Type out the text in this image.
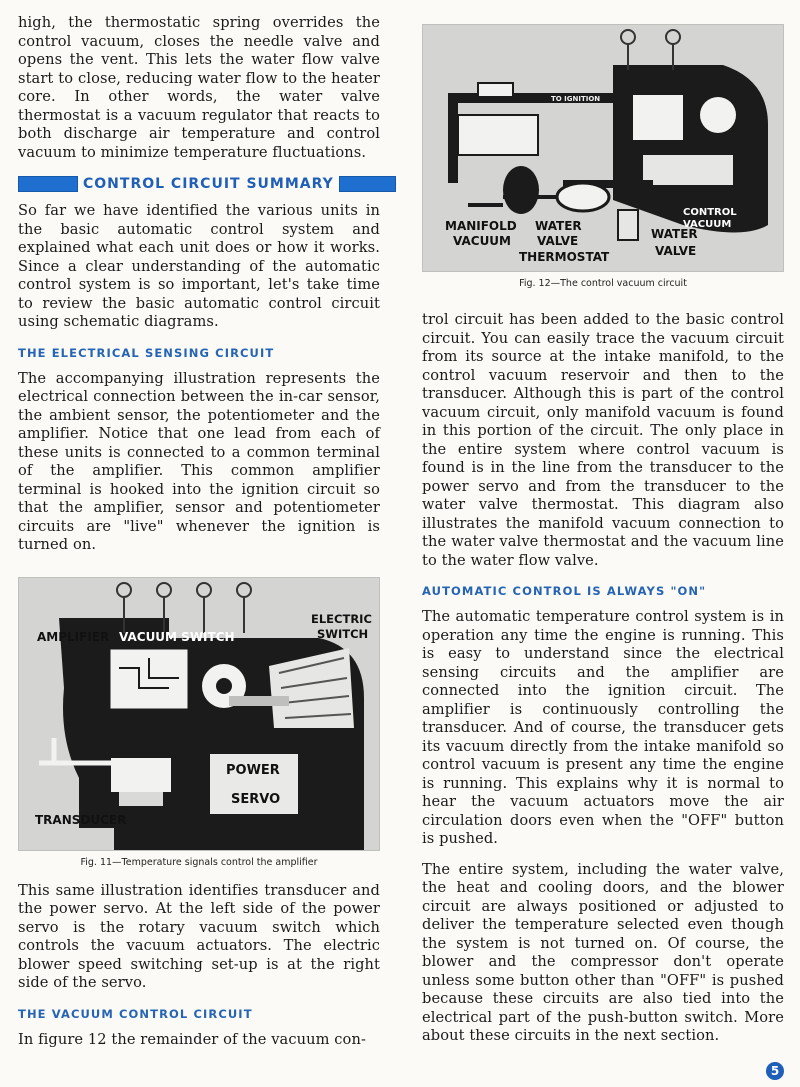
high, the thermostatic spring overrides the control vacuum, closes the needle valve and opens the vent. This lets the water flow valve start to close, reducing water flow to the heater core. In other words, the water valve thermostat is a vacuum regulator that reacts to both discharge air temperature and control vacuum to minimize temperature fluctuations.

CONTROL CIRCUIT SUMMARY

So far we have identified the various units in the basic automatic control system and explained what each unit does or how it works. Since a clear understanding of the automatic control system is so important, let's take time to review the basic automatic control circuit using schematic diagrams.

THE ELECTRICAL SENSING CIRCUIT

The accompanying illustration represents the electrical connection between the in-car sensor, the ambient sensor, the potentiometer and the amplifier. Notice that one lead from each of these units is connected to a common terminal of the amplifier. This common amplifier terminal is hooked into the ignition circuit so that the amplifier, sensor and potentiometer circuits are "live" whenever the ignition is turned on.

AMPLIFIER VACUUM SWITCH
ELECTRIC
SWITCH
POWER
SERVO
TRANSDUCER
Fig. 11—Temperature signals control the amplifier

This same illustration identifies transducer and the power servo. At the left side of the power servo is the rotary vacuum switch which controls the vacuum actuators. The electric blower speed switching set-up is at the right side of the servo.

THE VACUUM CONTROL CIRCUIT

In figure 12 the remainder of the vacuum con-

TO IGNITION
CONTROL
VACUUM
MANIFOLD
VACUUM
WATER
VALVE
THERMOSTAT
WATER
VALVE
Fig. 12—The control vacuum circuit

trol circuit has been added to the basic control circuit. You can easily trace the vacuum circuit from its source at the intake manifold, to the control vacuum reservoir and then to the transducer. Although this is part of the control vacuum circuit, only manifold vacuum is found in this portion of the circuit. The only place in the entire system where control vacuum is found is in the line from the transducer to the power servo and from the transducer to the water valve thermostat. This diagram also illustrates the manifold vacuum connection to the water valve thermostat and the vacuum line to the water flow valve.

AUTOMATIC CONTROL IS ALWAYS "ON"

The automatic temperature control system is in operation any time the engine is running. This is easy to understand since the electrical sensing circuits and the amplifier are connected into the ignition circuit. The amplifier is continuously controlling the transducer. And of course, the transducer gets its vacuum directly from the intake manifold so control vacuum is present any time the engine is running. This explains why it is normal to hear the vacuum actuators move the air circulation doors even when the "OFF" button is pushed.

The entire system, including the water valve, the heat and cooling doors, and the blower circuit are always positioned or adjusted to deliver the temperature selected even though the system is not turned on. Of course, the blower and the compressor don't operate unless some button other than "OFF" is pushed because these circuits are also tied into the electrical part of the push-button switch. More about these circuits in the next section.

5
